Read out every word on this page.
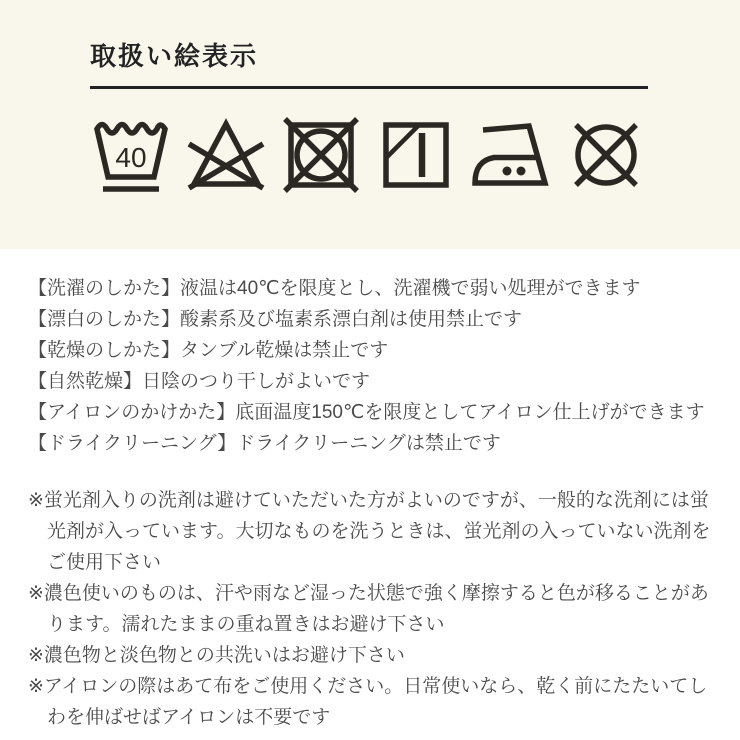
取扱い絵表示
40

【洗濯のしかた】液温は40℃を限度とし、洗濯機で弱い処理ができます

【漂白のしかた】酸素系及び塩素系漂白剤は使用禁止です

【乾燥のしかた】タンブル乾燥は禁止です

【自然乾燥】日陰のつり干しがよいです

【アイロンのかけかた】底面温度150℃を限度としてアイロン仕上げができます

【ドライクリーニング】ドライクリーニングは禁止です

※蛍光剤入りの洗剤は避けていただいた方がよいのですが、一般的な洗剤には蛍光剤が入っています。大切なものを洗うときは、蛍光剤の入っていない洗剤をご使用下さい

※濃色使いのものは、汗や雨など湿った状態で強く摩擦すると色が移ることがあります。濡れたままの重ね置きはお避け下さい

※濃色物と淡色物との共洗いはお避け下さい

※アイロンの際はあて布をご使用ください。日常使いなら、乾く前にたたいてしわを伸ばせばアイロンは不要です
